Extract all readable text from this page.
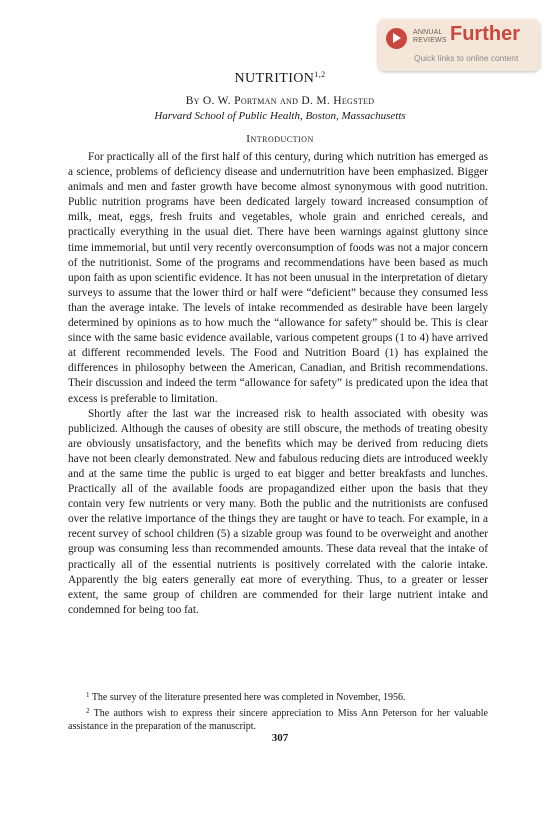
ANNUAL
REVIEWS Further
Quick links to online content
NUTRITION$^{1,2}$
By O. W. Portman and D. M. Hegsted
Harvard School of Public Health, Boston, Massachusetts
Introduction

For practically all of the first half of this century, during which nutrition has emerged as a science, problems of deficiency disease and undernutrition have been emphasized. Bigger animals and men and faster growth have become almost synonymous with good nutrition. Public nutrition programs have been dedicated largely toward increased consumption of milk, meat, eggs, fresh fruits and vegetables, whole grain and enriched cereals, and practically everything in the usual diet. There have been warnings against gluttony since time immemorial, but until very recently overconsumption of foods was not a major concern of the nutritionist. Some of the programs and recommendations have been based as much upon faith as upon scientific evidence. It has not been unusual in the interpretation of dietary surveys to assume that the lower third or half were “deficient” because they consumed less than the average intake. The levels of intake recommended as desirable have been largely determined by opinions as to how much the “allowance for safety” should be. This is clear since with the same basic evidence available, various competent groups (1 to 4) have arrived at different recommended levels. The Food and Nutrition Board (1) has explained the differences in philosophy between the American, Canadian, and British recommendations. Their discussion and indeed the term “allowance for safety” is predicated upon the idea that excess is preferable to limitation.

Shortly after the last war the increased risk to health associated with obesity was publicized. Although the causes of obesity are still obscure, the methods of treating obesity are obviously unsatisfactory, and the benefits which may be derived from reducing diets have not been clearly demonstrated. New and fabulous reducing diets are introduced weekly and at the same time the public is urged to eat bigger and better breakfasts and lunches. Practically all of the available foods are propagandized either upon the basis that they contain very few nutrients or very many. Both the public and the nutritionists are confused over the relative importance of the things they are taught or have to teach. For example, in a recent survey of school children (5) a sizable group was found to be overweight and another group was consuming less than recommended amounts. These data reveal that the intake of practically all of the essential nutrients is positively correlated with the calorie intake. Apparently the big eaters generally eat more of everything. Thus, to a greater or lesser extent, the same group of children are commended for their large nutrient intake and condemned for being too fat.

$^1$ The survey of the literature presented here was completed in November, 1956.

$^2$ The authors wish to express their sincere appreciation to Miss Ann Peterson for her valuable assistance in the preparation of the manuscript.

307
